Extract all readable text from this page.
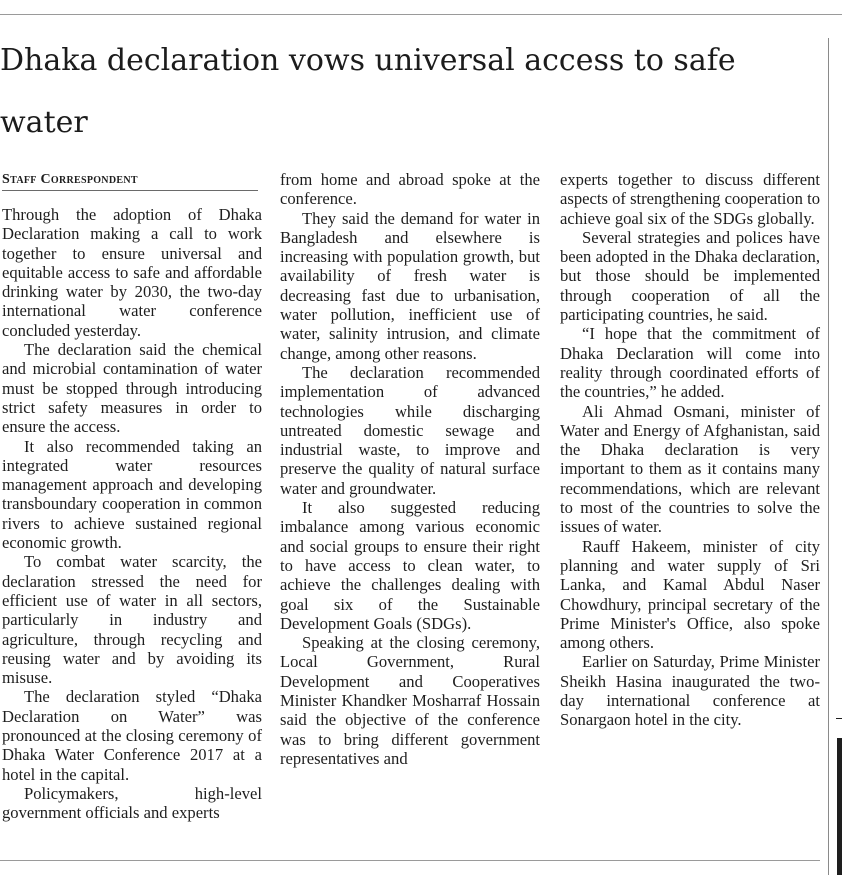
Dhaka declaration vows universal access to safe water
Staff Correspondent

Through the adoption of Dhaka Declaration making a call to work together to ensure universal and equitable access to safe and affordable drinking water by 2030, the two-day international water conference concluded yesterday.

The declaration said the chemical and microbial contamination of water must be stopped through introducing strict safety measures in order to ensure the access.

It also recommended taking an integrated water resources management approach and developing transboundary cooperation in common rivers to achieve sustained regional economic growth.

To combat water scarcity, the declaration stressed the need for efficient use of water in all sectors, particularly in industry and agriculture, through recycling and reusing water and by avoiding its misuse.

The declaration styled “Dhaka Declaration on Water” was pronounced at the closing ceremony of Dhaka Water Conference 2017 at a hotel in the capital.

Policymakers, high-level government officials and experts

from home and abroad spoke at the conference.

They said the demand for water in Bangladesh and elsewhere is increasing with population growth, but availability of fresh water is decreasing fast due to urbanisation, water pollution, inefficient use of water, salinity intrusion, and climate change, among other reasons.

The declaration recommended implementation of advanced technologies while discharging untreated domestic sewage and industrial waste, to improve and preserve the quality of natural surface water and groundwater.

It also suggested reducing imbalance among various economic and social groups to ensure their right to have access to clean water, to achieve the challenges dealing with goal six of the Sustainable Development Goals (SDGs).

Speaking at the closing ceremony, Local Government, Rural Development and Cooperatives Minister Khandker Mosharraf Hossain said the objective of the conference was to bring different government representatives and

experts together to discuss different aspects of strengthening cooperation to achieve goal six of the SDGs globally.

Several strategies and polices have been adopted in the Dhaka declaration, but those should be implemented through cooperation of all the participating countries, he said.

“I hope that the commitment of Dhaka Declaration will come into reality through coordinated efforts of the countries,” he added.

Ali Ahmad Osmani, minister of Water and Energy of Afghanistan, said the Dhaka declaration is very important to them as it contains many recommendations, which are relevant to most of the countries to solve the issues of water.

Rauff Hakeem, minister of city planning and water supply of Sri Lanka, and Kamal Abdul Naser Chowdhury, principal secretary of the Prime Minister's Office, also spoke among others.

Earlier on Saturday, Prime Minister Sheikh Hasina inaugurated the two-day international conference at Sonargaon hotel in the city.
